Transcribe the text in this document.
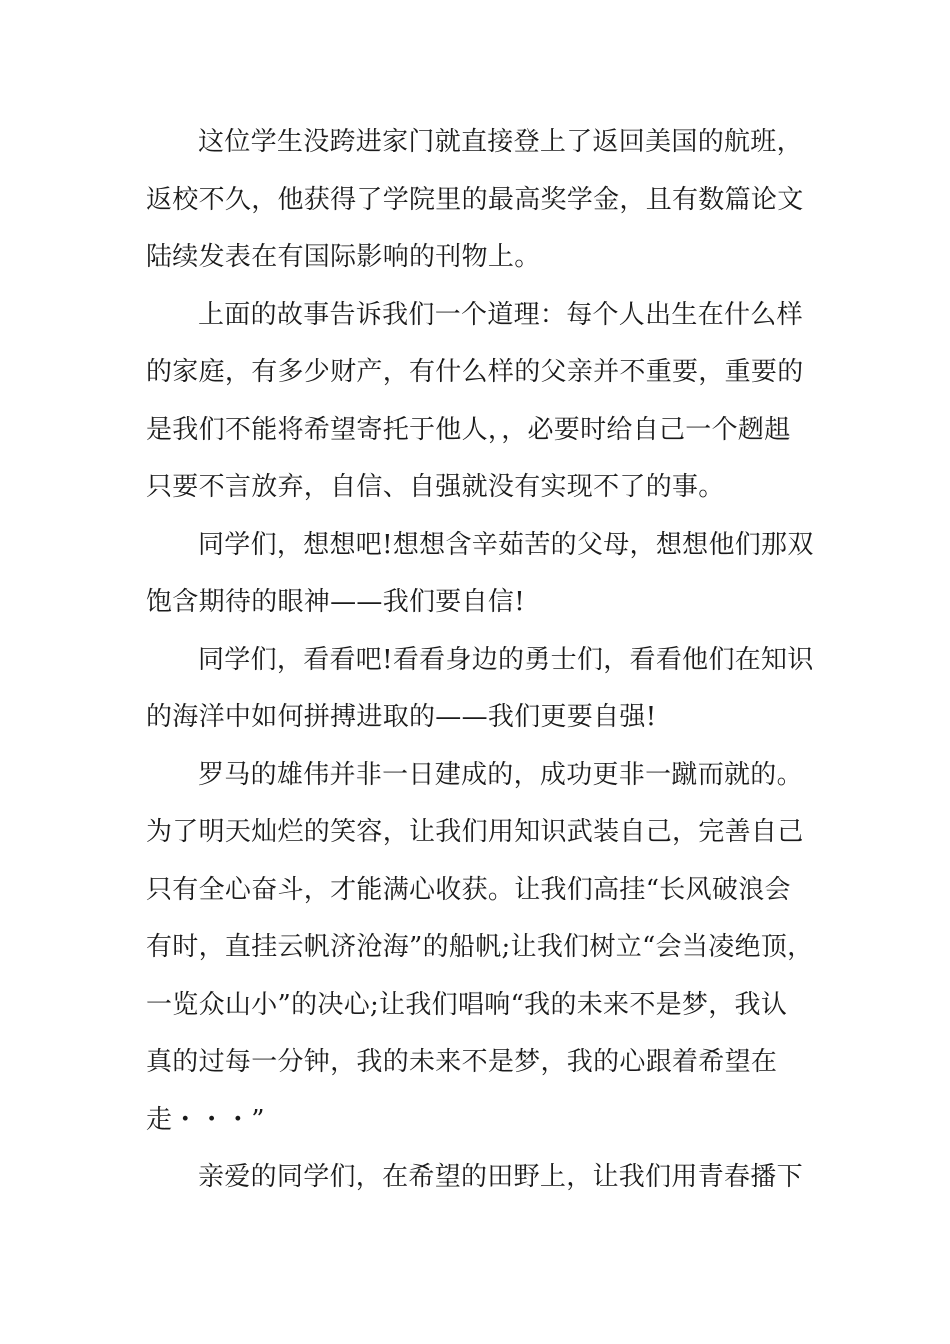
这位学生没跨进家门就直接登上了返回美国的航班，

返校不久，他获得了学院里的最高奖学金，且有数篇论文

陆续发表在有国际影响的刊物上。

上面的故事告诉我们一个道理：每个人出生在什么样

的家庭，有多少财产，有什么样的父亲并不重要，重要的

是我们不能将希望寄托于他人，，必要时给自己一个趔趄

只要不言放弃，自信、自强就没有实现不了的事。

同学们，想想吧!想想含辛茹苦的父母，想想他们那双

饱含期待的眼神——我们要自信!

同学们，看看吧!看看身边的勇士们，看看他们在知识

的海洋中如何拼搏进取的——我们更要自强!

罗马的雄伟并非一日建成的，成功更非一蹴而就的。

为了明天灿烂的笑容，让我们用知识武装自己，完善自己

只有全心奋斗，才能满心收获。让我们高挂“长风破浪会

有时，直挂云帆济沧海”的船帆;让我们树立“会当凌绝顶，

一览众山小”的决心;让我们唱响“我的未来不是梦，我认

真的过每一分钟，我的未来不是梦，我的心跟着希望在

走・・・”

亲爱的同学们，在希望的田野上，让我们用青春播下
